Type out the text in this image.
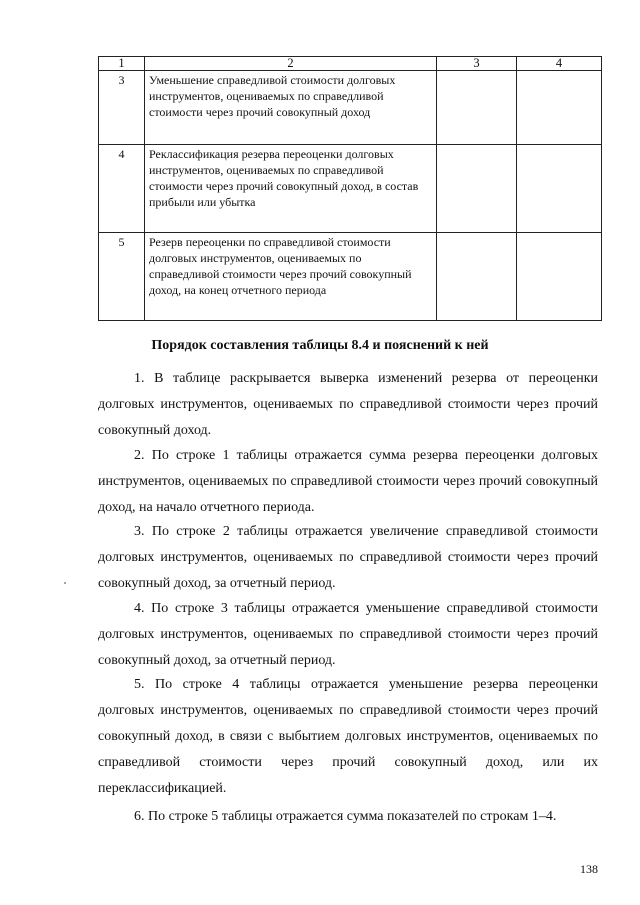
1	2	3	4
3	Уменьшение справедливой стоимости долговых инструментов, оцениваемых по справедливой стоимости через прочий совокупный доход		
4	Реклассификация резерва переоценки долговых инструментов, оцениваемых по справедливой стоимости через прочий совокупный доход, в состав прибыли или убытка		
5	Резерв переоценки по справедливой стоимости долговых инструментов, оцениваемых по справедливой стоимости через прочий совокупный доход, на конец отчетного периода		
Порядок составления таблицы 8.4 и пояснений к ней

1. В таблице раскрывается выверка изменений резерва от переоценки долговых инструментов, оцениваемых по справедливой стоимости через прочий совокупный доход.

2. По строке 1 таблицы отражается сумма резерва переоценки долговых инструментов, оцениваемых по справедливой стоимости через прочий совокупный доход, на начало отчетного периода.

3. По строке 2 таблицы отражается увеличение справедливой стоимости долговых инструментов, оцениваемых по справедливой стоимости через прочий совокупный доход, за отчетный период.

4. По строке 3 таблицы отражается уменьшение справедливой стоимости долговых инструментов, оцениваемых по справедливой стоимости через прочий совокупный доход, за отчетный период.

5. По строке 4 таблицы отражается уменьшение резерва переоценки долговых инструментов, оцениваемых по справедливой стоимости через прочий совокупный доход, в связи с выбытием долговых инструментов, оцениваемых по справедливой стоимости через прочий совокупный доход, или их переклассификацией.

6. По строке 5 таблицы отражается сумма показателей по строкам 1–4.

138
